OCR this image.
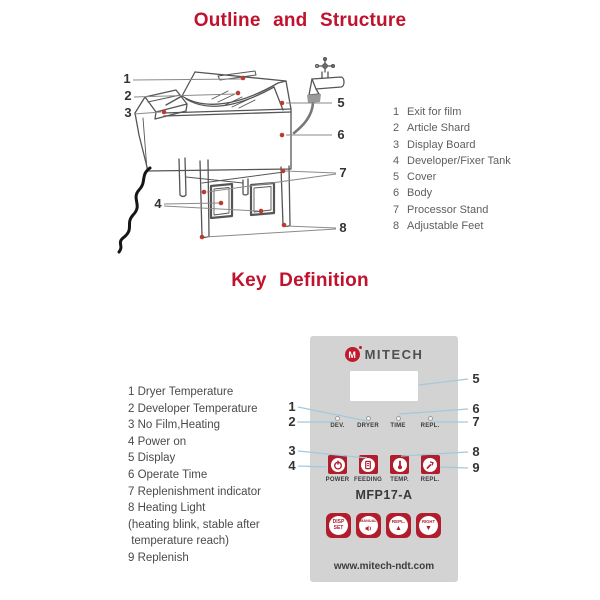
Outline and Structure
1
2
3
4
5
6
7
8
1 Exit for film
2 Article Shard
3 Display Board
4 Developer/Fixer Tank
5 Cover
6 Body
7 Processor Stand
8 Adjustable Feet
Key Definition
1 Dryer Temperature
2 Developer Temperature
3 No Film,Heating
4 Power on
5 Display
6 Operate Time
7 Replenishment indicator
8 Heating Light
(heating blink, stable after
temperature reach)
9 Replenish
M MITECH
DEV. DRYER TIME	REPL.
POWER FEEDING TEMP. REPL.
MFP17-A
DISP
SET
MANUAL	REPL.
▲
RIGHT
▼
www.mitech-ndt.com
1
2
3
4
5
6
7
8
9
